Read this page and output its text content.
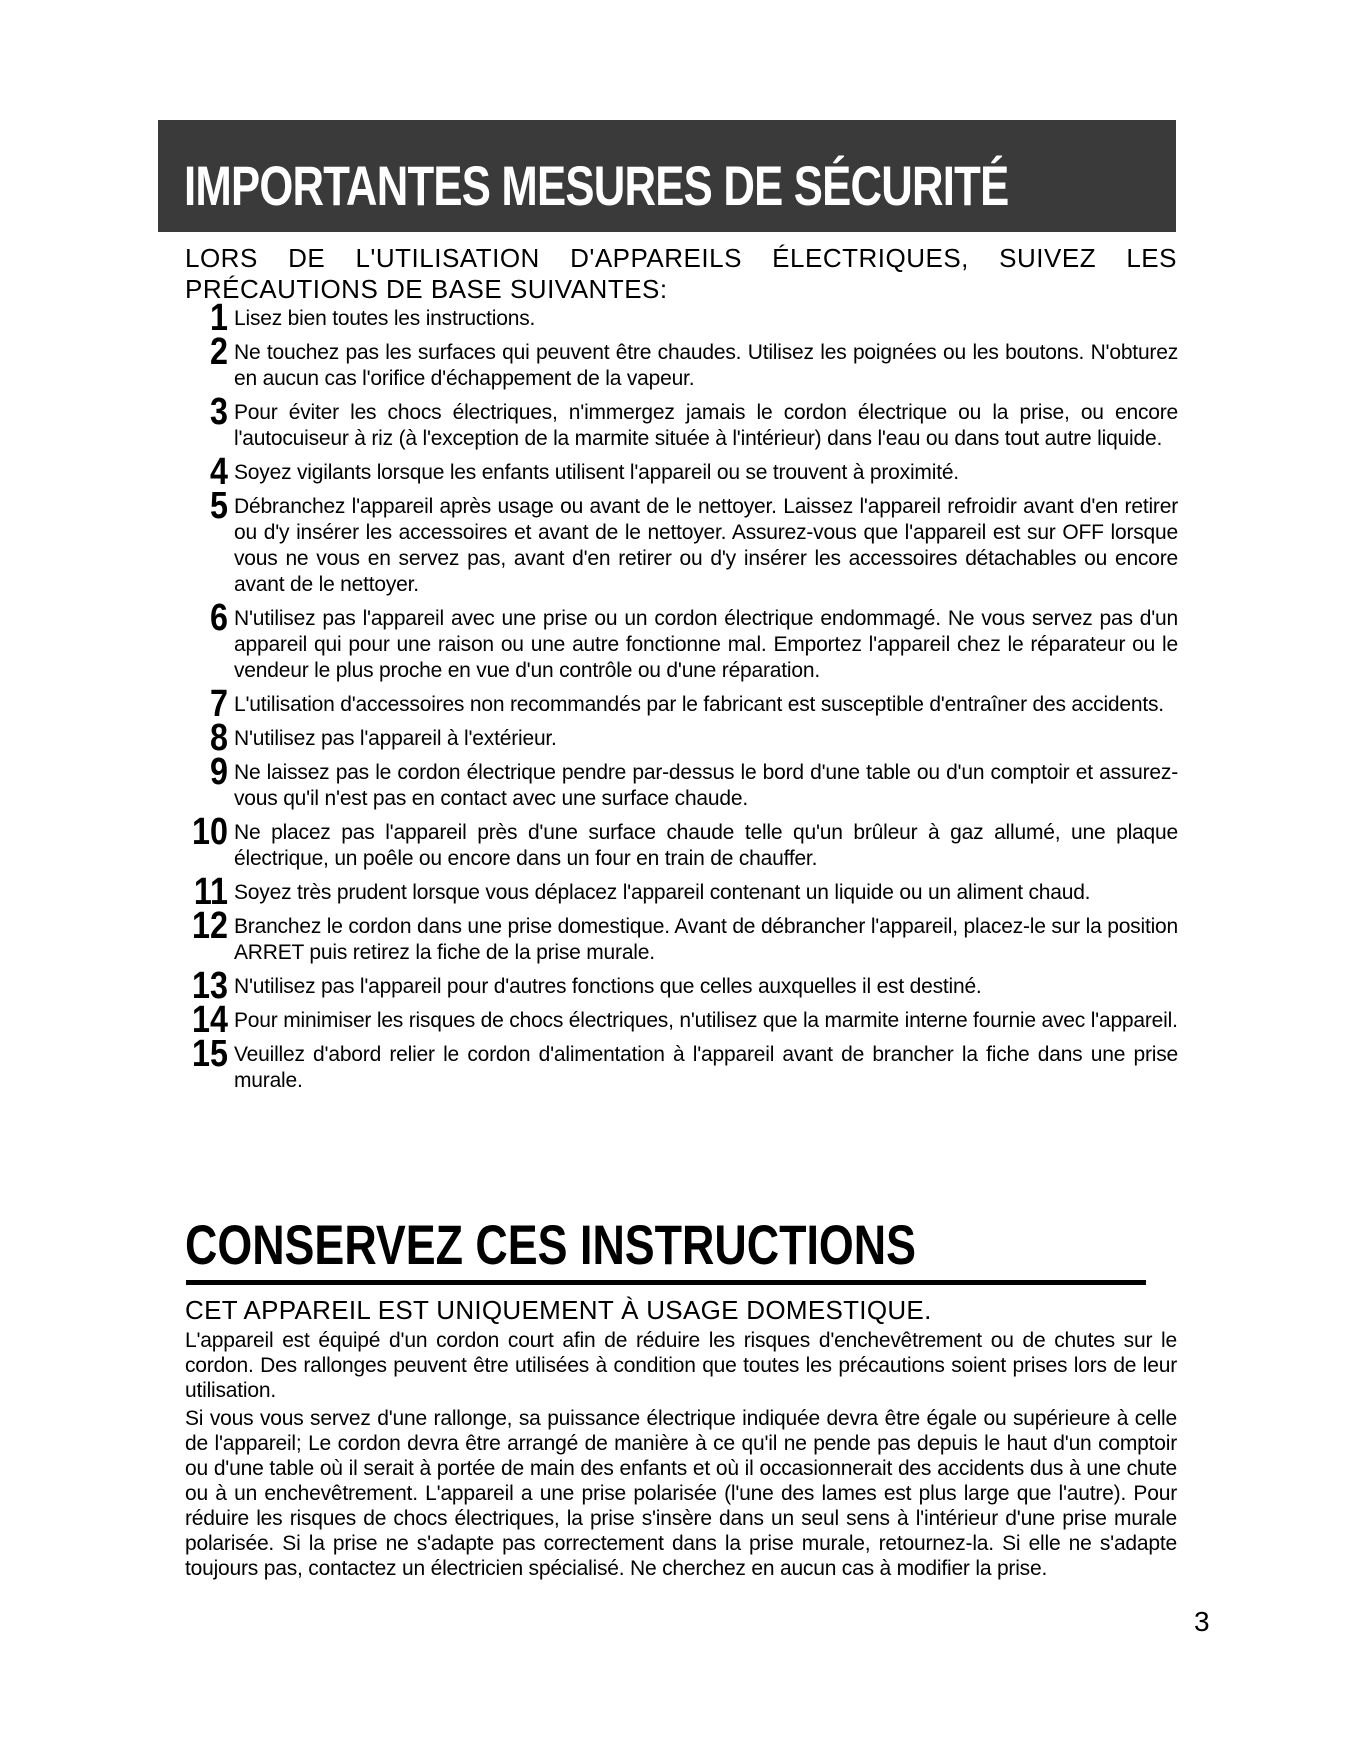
IMPORTANTES MESURES DE SÉCURITÉ
LORS DE L'UTILISATION D'APPAREILS ÉLECTRIQUES, SUIVEZ LES PRÉCAUTIONS DE BASE SUIVANTES:
1 Lisez bien toutes les instructions.
2 Ne touchez pas les surfaces qui peuvent être chaudes. Utilisez les poignées ou les boutons. N'obturez en aucun cas l'orifice d'échappement de la vapeur.
3 Pour éviter les chocs électriques, n'immergez jamais le cordon électrique ou la prise, ou encore l'autocuiseur à riz (à l'exception de la marmite située à l'intérieur) dans l'eau ou dans tout autre liquide.
4 Soyez vigilants lorsque les enfants utilisent l'appareil ou se trouvent à proximité.
5 Débranchez l'appareil après usage ou avant de le nettoyer. Laissez l'appareil refroidir avant d'en retirer ou d'y insérer les accessoires et avant de le nettoyer. Assurez-vous que l'appareil est sur OFF lorsque vous ne vous en servez pas, avant d'en retirer ou d'y insérer les accessoires détachables ou encore avant de le nettoyer.
6 N'utilisez pas l'appareil avec une prise ou un cordon électrique endommagé. Ne vous servez pas d'un appareil qui pour une raison ou une autre fonctionne mal. Emportez l'appareil chez le réparateur ou le vendeur le plus proche en vue d'un contrôle ou d'une réparation.
7 L'utilisation d'accessoires non recommandés par le fabricant est susceptible d'entraîner des accidents.
8 N'utilisez pas l'appareil à l'extérieur.
9 Ne laissez pas le cordon électrique pendre par-dessus le bord d'une table ou d'un comptoir et assurez-vous qu'il n'est pas en contact avec une surface chaude.
10 Ne placez pas l'appareil près d'une surface chaude telle qu'un brûleur à gaz allumé, une plaque électrique, un poêle ou encore dans un four en train de chauffer.
11 Soyez très prudent lorsque vous déplacez l'appareil contenant un liquide ou un aliment chaud.
12 Branchez le cordon dans une prise domestique. Avant de débrancher l'appareil, placez-le sur la position ARRET puis retirez la fiche de la prise murale.
13 N'utilisez pas l'appareil pour d'autres fonctions que celles auxquelles il est destiné.
14 Pour minimiser les risques de chocs électriques, n'utilisez que la marmite interne fournie avec l'appareil.
15 Veuillez d'abord relier le cordon d'alimentation à l'appareil avant de brancher la fiche dans une prise murale.
CONSERVEZ CES INSTRUCTIONS
CET APPAREIL EST UNIQUEMENT À USAGE DOMESTIQUE.

L'appareil est équipé d'un cordon court afin de réduire les risques d'enchevêtrement ou de chutes sur le cordon. Des rallonges peuvent être utilisées à condition que toutes les précautions soient prises lors de leur utilisation.

Si vous vous servez d'une rallonge, sa puissance électrique indiquée devra être égale ou supérieure à celle de l'appareil; Le cordon devra être arrangé de manière à ce qu'il ne pende pas depuis le haut d'un comptoir ou d'une table où il serait à portée de main des enfants et où il occasionnerait des accidents dus à une chute ou à un enchevêtrement. L'appareil a une prise polarisée (l'une des lames est plus large que l'autre). Pour réduire les risques de chocs électriques, la prise s'insère dans un seul sens à l'intérieur d'une prise murale polarisée. Si la prise ne s'adapte pas correctement dans la prise murale, retournez-la. Si elle ne s'adapte toujours pas, contactez un électricien spécialisé. Ne cherchez en aucun cas à modifier la prise.

3
